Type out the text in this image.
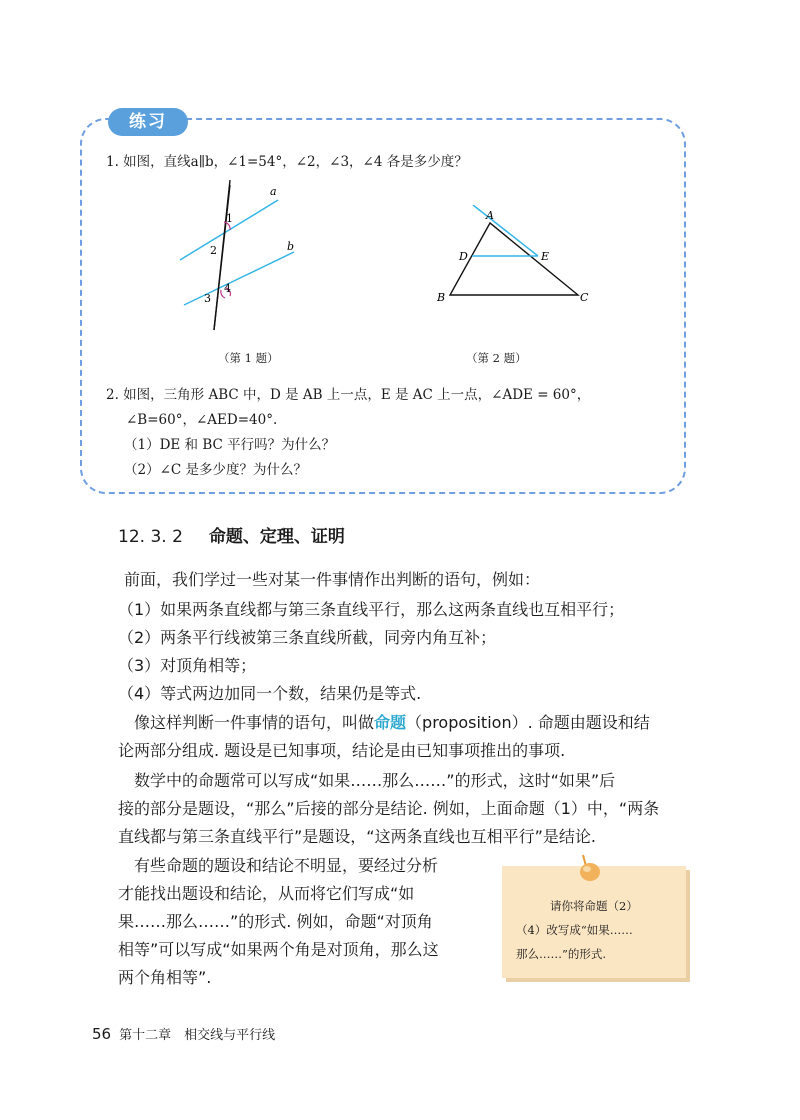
练习
1. 如图，直线a∥b，∠1=54°，∠2，∠3，∠4 各是多少度？
a
b
1
2
3
4
（第 1 题）
A
B	C
D	E
（第 2 题）
2. 如图，三角形 ABC 中，D 是 AB 上一点，E 是 AC 上一点，∠ADE = 60°，
∠B=60°，∠AED=40°.
（1）DE 和 BC 平行吗？为什么？
（2）∠C 是多少度？为什么？
12. 3. 2 命题、定理、证明
前面，我们学过一些对某一件事情作出判断的语句，例如：
（1）如果两条直线都与第三条直线平行，那么这两条直线也互相平行；
（2）两条平行线被第三条直线所截，同旁内角互补；
（3）对顶角相等；
（4）等式两边加同一个数，结果仍是等式.
像这样判断一件事情的语句，叫做命题（proposition）. 命题由题设和结
论两部分组成. 题设是已知事项，结论是由已知事项推出的事项.
数学中的命题常可以写成“如果……那么……”的形式，这时“如果”后
接的部分是题设，“那么”后接的部分是结论. 例如，上面命题（1）中，“两条
直线都与第三条直线平行”是题设，“这两条直线也互相平行”是结论.
有些命题的题设和结论不明显，要经过分析
才能找出题设和结论，从而将它们写成“如
果……那么……”的形式. 例如，命题“对顶角
相等”可以写成“如果两个角是对顶角，那么这
两个角相等”.
请你将命题（2）
（4）改写成“如果……
那么……”的形式.
56 第十二章　相交线与平行线
